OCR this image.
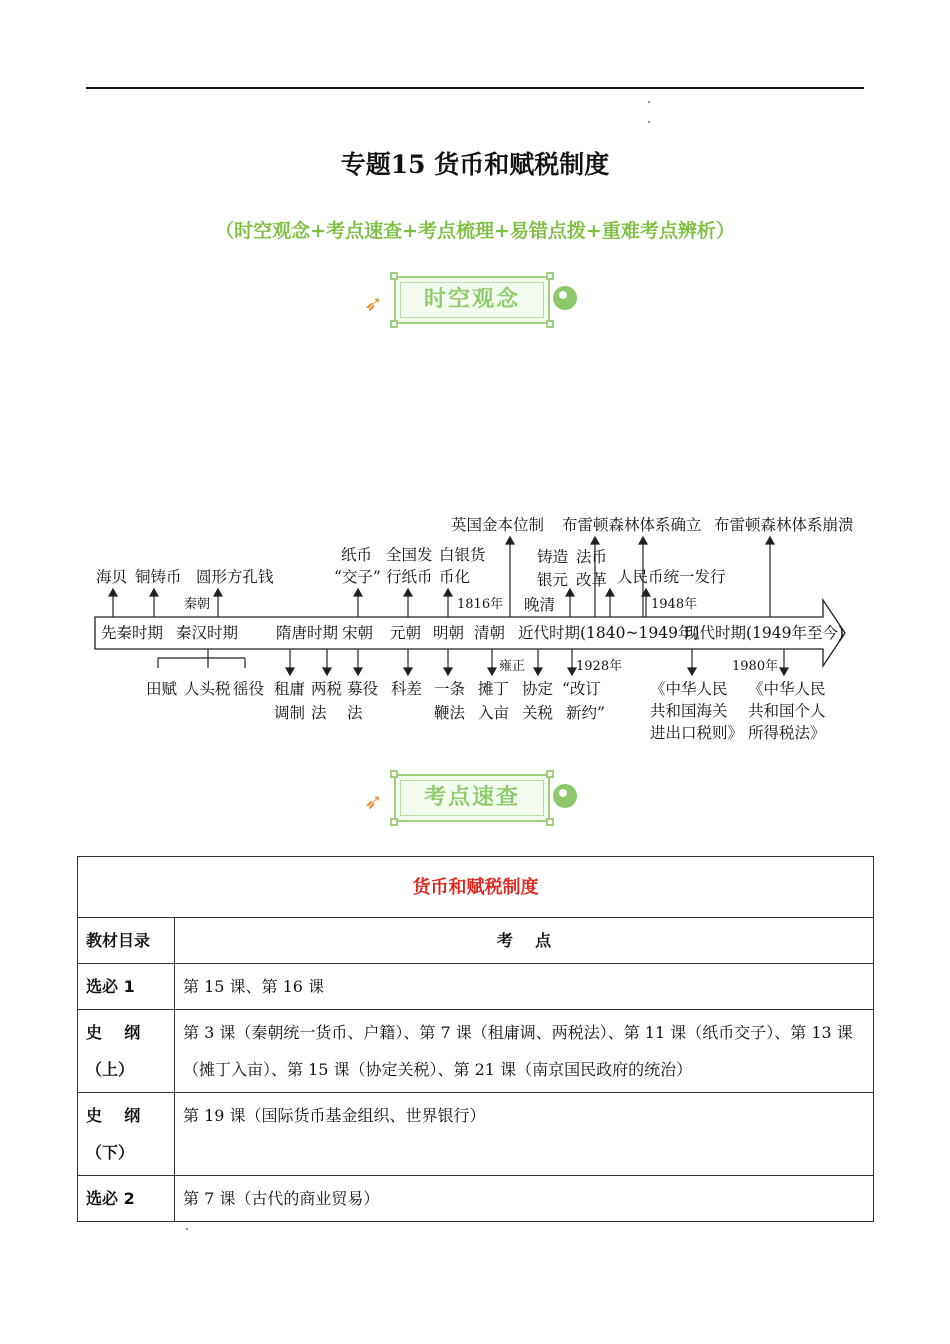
专题15 货币和赋税制度
（时空观念+考点速查+考点梳理+易错点拨+重难考点辨析）
➶	时空观念
海贝 铜铸币 圆形方孔钱
秦朝
纸币
“交子”
全国发
行纸币
白银货
币化
1816年
英国金本位制
铸造
银元
晚清
法币
改革
布雷顿森林体系确立 布雷顿森林体系崩溃
人民币统一发行
1948年
先秦时期 秦汉时期 隋唐时期 宋朝 元朝 明朝 清朝 近代时期(1840~1949年)
现代时期(1949年至今)
田赋 人头税 徭役 租庸
调制
两税
法
募役
法
科差 一条
鞭法
雍正
摊丁
入亩
协定
关税
1928年
“改订
新约”
《中华人民共和国海关进出口税则》
1980年
《中华人民共和国个人所得税法》
➶	考点速查
货币和赋税制度	
教材目录	考    点
选必 1	第 15 课、第 16 课
史    纲（上）	第 3 课（秦朝统一货币、户籍）、第 7 课（租庸调、两税法）、第 11 课（纸币交子）、第 13 课（摊丁入亩）、第 15 课（协定关税）、第 21 课（南京国民政府的统治）
史    纲（下）	第 19 课（国际货币基金组织、世界银行）
选必 2	第 7 课（古代的商业贸易）
